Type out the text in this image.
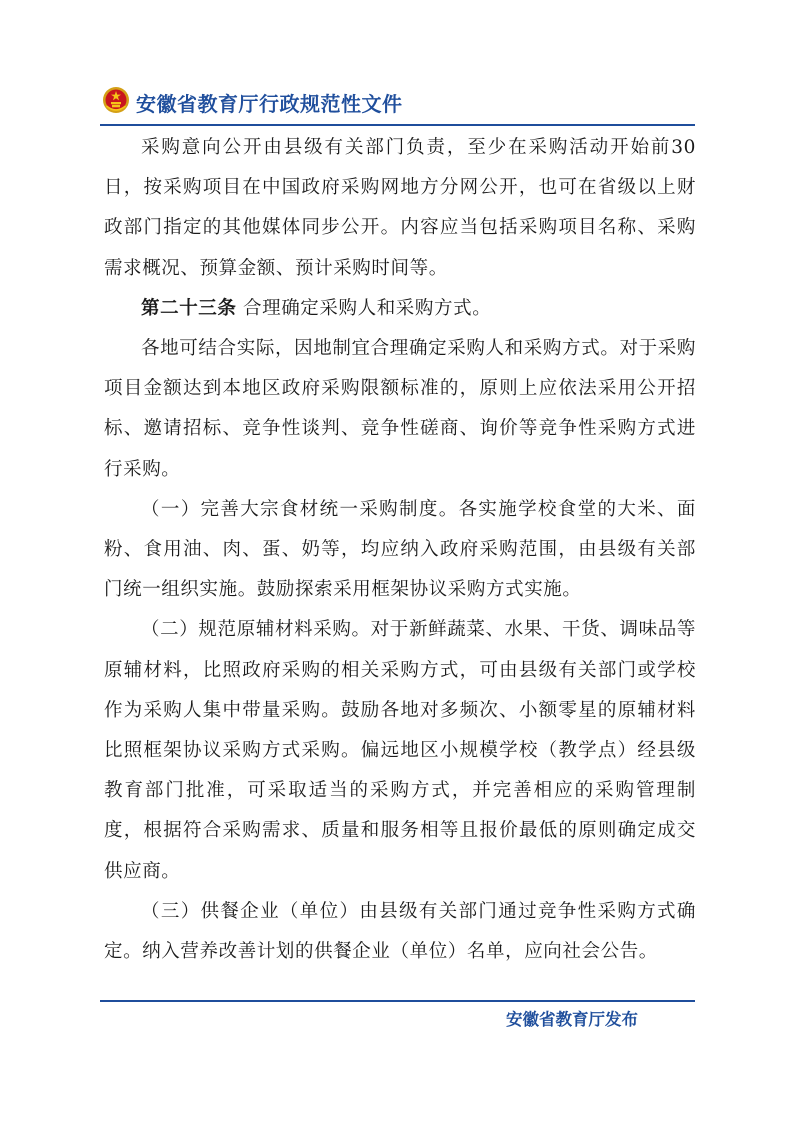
安徽省教育厅行政规范性文件

采购意向公开由县级有关部门负责，至少在采购活动开始前30日，按采购项目在中国政府采购网地方分网公开，也可在省级以上财政部门指定的其他媒体同步公开。内容应当包括采购项目名称、采购需求概况、预算金额、预计采购时间等。

第二十三条 合理确定采购人和采购方式。

各地可结合实际，因地制宜合理确定采购人和采购方式。对于采购项目金额达到本地区政府采购限额标准的，原则上应依法采用公开招标、邀请招标、竞争性谈判、竞争性磋商、询价等竞争性采购方式进行采购。

（一）完善大宗食材统一采购制度。各实施学校食堂的大米、面粉、食用油、肉、蛋、奶等，均应纳入政府采购范围，由县级有关部门统一组织实施。鼓励探索采用框架协议采购方式实施。

（二）规范原辅材料采购。对于新鲜蔬菜、水果、干货、调味品等原辅材料，比照政府采购的相关采购方式，可由县级有关部门或学校作为采购人集中带量采购。鼓励各地对多频次、小额零星的原辅材料比照框架协议采购方式采购。偏远地区小规模学校（教学点）经县级教育部门批准，可采取适当的采购方式，并完善相应的采购管理制度，根据符合采购需求、质量和服务相等且报价最低的原则确定成交供应商。

（三）供餐企业（单位）由县级有关部门通过竞争性采购方式确定。纳入营养改善计划的供餐企业（单位）名单，应向社会公告。

安徽省教育厅发布
